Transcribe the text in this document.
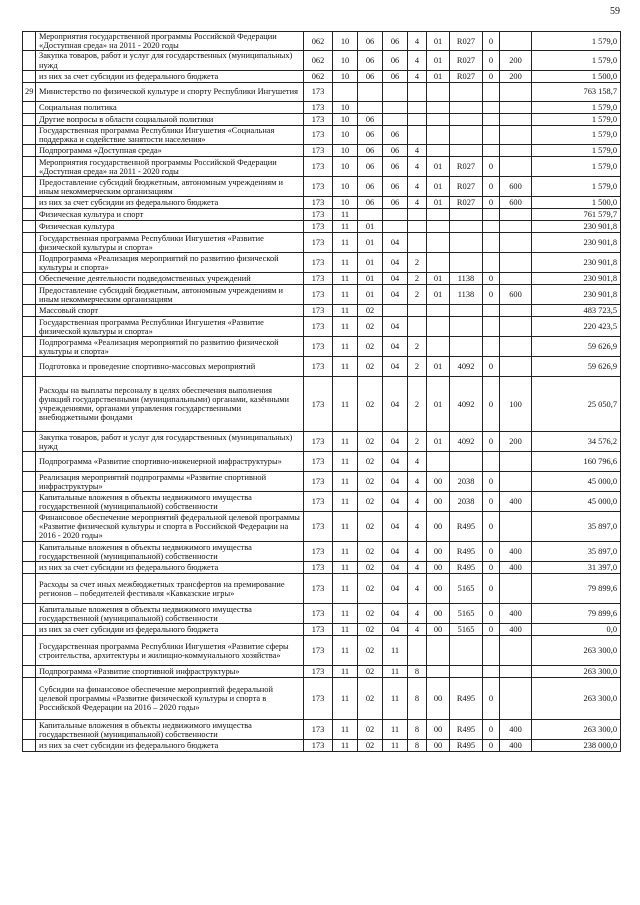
59
	Мероприятия государственной программы Российской Федерации «Доступная среда» на 2011 - 2020 годы	062	10	06	06	4	01	R027	0		1 579,0
	Закупка товаров, работ и услуг для государственных (муниципальных) нужд	062	10	06	06	4	01	R027	0	200	1 579,0
	из них за счет субсидии из федерального бюджета	062	10	06	06	4	01	R027	0	200	1 500,0
29	Министерство по физической культуре и спорту Республики Ингушетия	173									763 158,7
	Социальная политика	173	10								1 579,0
	Другие вопросы в области социальной политики	173	10	06							1 579,0
	Государственная программа Республики Ингушетия «Социальная поддержка и содействие занятости населения»	173	10	06	06						1 579,0
	Подпрограмма «Доступная среда»	173	10	06	06	4					1 579,0
	Мероприятия государственной программы Российской Федерации «Доступная среда» на 2011 - 2020 годы	173	10	06	06	4	01	R027	0		1 579,0
	Предоставление субсидий бюджетным, автономным учреждениям и иным некоммерческим организациям	173	10	06	06	4	01	R027	0	600	1 579,0
	из них за счет субсидии из федерального бюджета	173	10	06	06	4	01	R027	0	600	1 500,0
	Физическая культура и спорт	173	11								761 579,7
	Физическая культура	173	11	01							230 901,8
	Государственная программа Республики Ингушетия «Развитие физической культуры и спорта»	173	11	01	04						230 901,8
	Подпрограмма «Реализация мероприятий по развитию физической культуры и спорта»	173	11	01	04	2					230 901,8
	Обеспечение деятельности подведомственных учреждений	173	11	01	04	2	01	1138	0		230 901,8
	Предоставление субсидий бюджетным, автономным учреждениям и иным некоммерческим организациям	173	11	01	04	2	01	1138	0	600	230 901,8
	Массовый спорт	173	11	02							483 723,5
	Государственная программа Республики Ингушетия «Развитие физической культуры и спорта»	173	11	02	04						220 423,5
	Подпрограмма «Реализация мероприятий по развитию физической культуры и спорта»	173	11	02	04	2					59 626,9
	Подготовка и проведение спортивно-массовых мероприятий	173	11	02	04	2	01	4092	0		59 626,9
	Расходы на выплаты персоналу в целях обеспечения выполнения функций государственными (муниципальными) органами, казёнными учреждениями, органами управления государственными внебюджетными фондами	173	11	02	04	2	01	4092	0	100	25 050,7
	Закупка товаров, работ и услуг для государственных (муниципальных) нужд	173	11	02	04	2	01	4092	0	200	34 576,2
	Подпрограмма «Развитие спортивно-инженерной инфраструктуры»	173	11	02	04	4					160 796,6
	Реализация мероприятий подпрограммы «Развитие спортивной инфраструктуры»	173	11	02	04	4	00	2038	0		45 000,0
	Капитальные вложения в объекты недвижимого имущества государственной (муниципальной) собственности	173	11	02	04	4	00	2038	0	400	45 000,0
	Финансовое обеспечение мероприятий федеральной целевой программы «Развитие физической культуры и спорта в Российской Федерации на 2016 - 2020 годы»	173	11	02	04	4	00	R495	0		35 897,0
	Капитальные вложения в объекты недвижимого имущества государственной (муниципальной) собственности	173	11	02	04	4	00	R495	0	400	35 897,0
	из них за счет субсидии из федерального бюджета	173	11	02	04	4	00	R495	0	400	31 397,0
	Расходы за счет иных межбюджетных трансфертов на премирование регионов – победителей фестиваля «Кавказские игры»	173	11	02	04	4	00	5165	0		79 899,6
	Капитальные вложения в объекты недвижимого имущества государственной (муниципальной) собственности	173	11	02	04	4	00	5165	0	400	79 899,6
	из них за счет субсидии из федерального бюджета	173	11	02	04	4	00	5165	0	400	0,0
	Государственная программа Республики Ингушетия «Развитие сферы строительства, архитектуры и жилищно-коммунального хозяйства»	173	11	02	11						263 300,0
	Подпрограмма «Развитие спортивной инфраструктуры»	173	11	02	11	8					263 300,0
	Субсидии на финансовое обеспечение мероприятий федеральной целевой программы «Развитие физической культуры и спорта в Российской Федерации на 2016 – 2020 годы»	173	11	02	11	8	00	R495	0		263 300,0
	Капитальные вложения в объекты недвижимого имущества государственной (муниципальной) собственности	173	11	02	11	8	00	R495	0	400	263 300,0
	из них за счет субсидии из федерального бюджета	173	11	02	11	8	00	R495	0	400	238 000,0
